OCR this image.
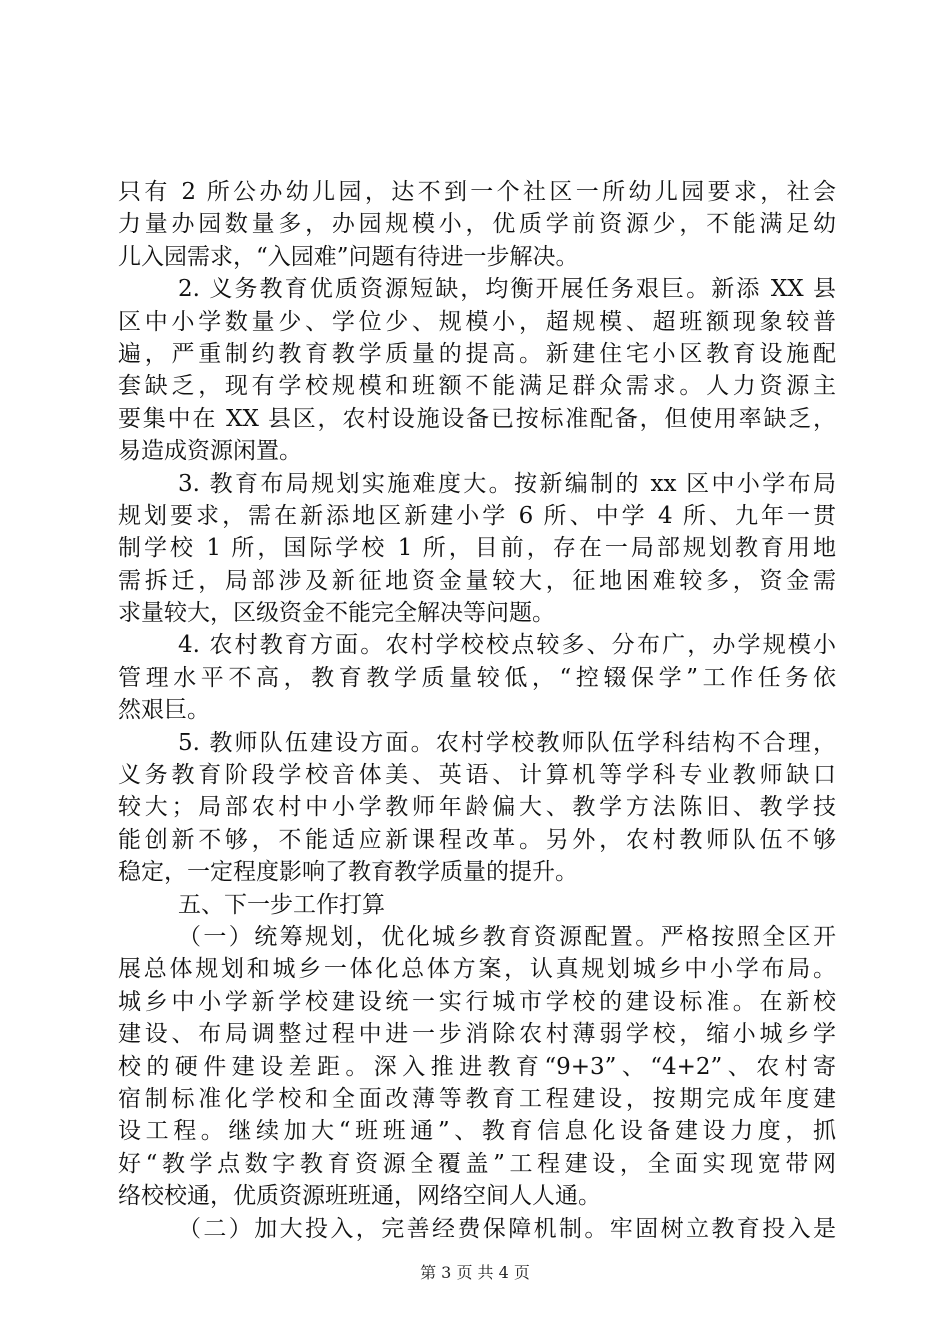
只有 2 所公办幼儿园，达不到一个社区一所幼儿园要求，社会
力量办园数量多，办园规模小，优质学前资源少，不能满足幼
儿入园需求，“入园难”问题有待进一步解决。
2. 义务教育优质资源短缺，均衡开展任务艰巨。新添 XX 县
区中小学数量少、学位少、规模小，超规模、超班额现象较普
遍，严重制约教育教学质量的提高。新建住宅小区教育设施配
套缺乏，现有学校规模和班额不能满足群众需求。人力资源主
要集中在 XX 县区，农村设施设备已按标准配备，但使用率缺乏，
易造成资源闲置。
3. 教育布局规划实施难度大。按新编制的 xx 区中小学布局
规划要求，需在新添地区新建小学 6 所、中学 4 所、九年一贯
制学校 1 所，国际学校 1 所，目前，存在一局部规划教育用地
需拆迁，局部涉及新征地资金量较大，征地困难较多，资金需
求量较大，区级资金不能完全解决等问题。
4. 农村教育方面。农村学校校点较多、分布广，办学规模小
管理水平不高，教育教学质量较低，“控辍保学”工作任务依
然艰巨。
5. 教师队伍建设方面。农村学校教师队伍学科结构不合理，
义务教育阶段学校音体美、英语、计算机等学科专业教师缺口
较大；局部农村中小学教师年龄偏大、教学方法陈旧、教学技
能创新不够，不能适应新课程改革。另外，农村教师队伍不够
稳定，一定程度影响了教育教学质量的提升。
五、下一步工作打算
（一）统筹规划，优化城乡教育资源配置。严格按照全区开
展总体规划和城乡一体化总体方案，认真规划城乡中小学布局。
城乡中小学新学校建设统一实行城市学校的建设标准。在新校
建设、布局调整过程中进一步消除农村薄弱学校，缩小城乡学
校的硬件建设差距。深入推进教育“9+3”、“4+2”、农村寄
宿制标准化学校和全面改薄等教育工程建设，按期完成年度建
设工程。继续加大“班班通”、教育信息化设备建设力度，抓
好“教学点数字教育资源全覆盖”工程建设，全面实现宽带网
络校校通，优质资源班班通，网络空间人人通。
（二）加大投入，完善经费保障机制。牢固树立教育投入是
第 3 页 共 4 页
